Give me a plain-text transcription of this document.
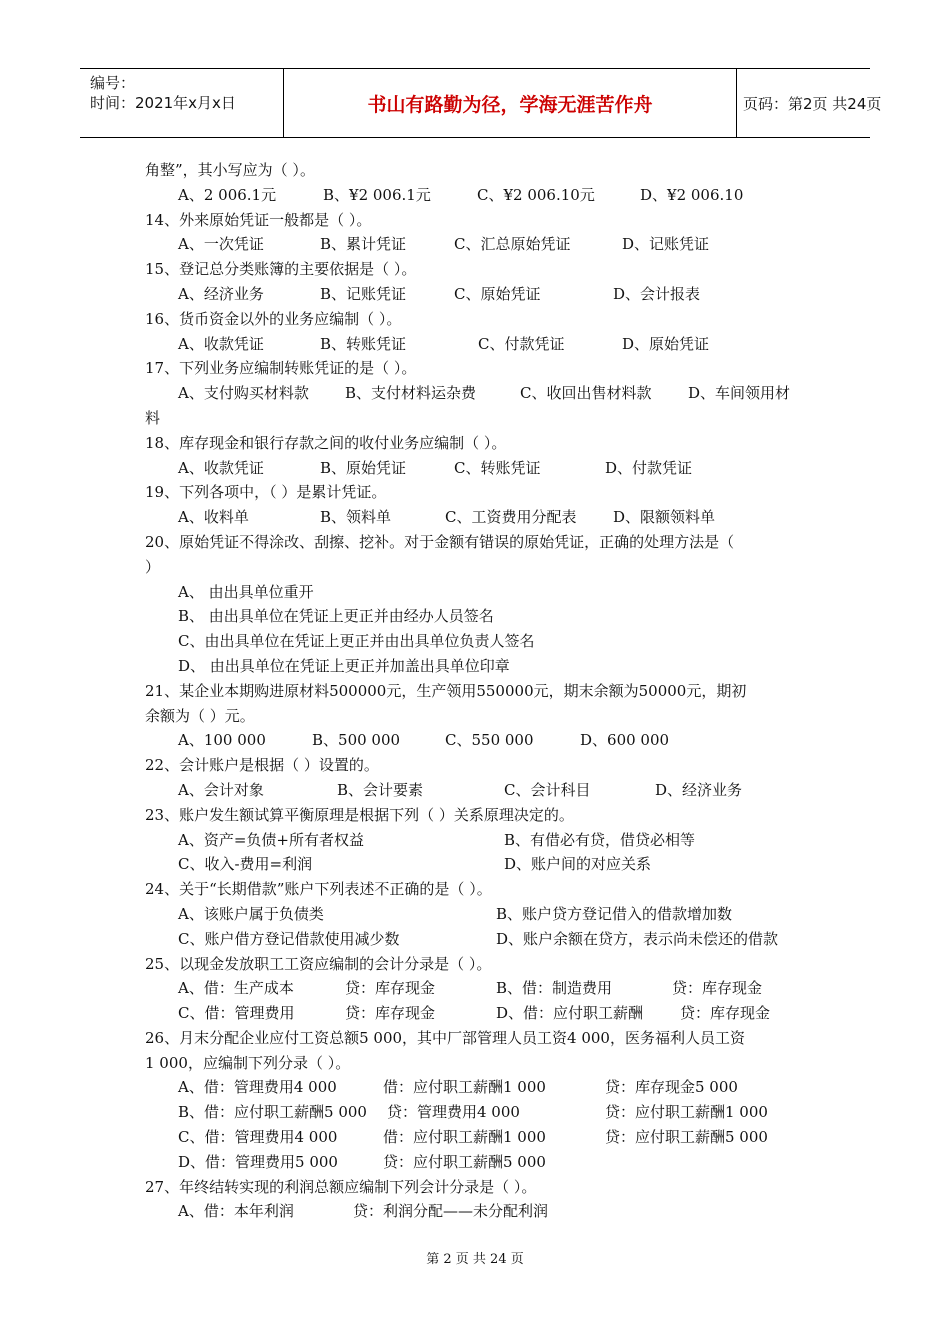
编号：
时间：2021年x月x日	书山有路勤为径，学海无涯苦作舟	页码：第2页 共24页
角整”，其小写应为（ ）。
A、2 006.1元	B、¥2 006.1元	C、¥2 006.10元	D、¥2 006.10
14、外来原始凭证一般都是（ ）。
A、一次凭证	B、累计凭证	C、汇总原始凭证	D、记账凭证
15、登记总分类账簿的主要依据是（ ）。
A、经济业务	B、记账凭证	C、原始凭证	D、会计报表
16、货币资金以外的业务应编制（ ）。
A、收款凭证	B、转账凭证	C、付款凭证	D、原始凭证
17、下列业务应编制转账凭证的是（ ）。
A、支付购买材料款 B、支付材料运杂费	C、收回出售材料款 D、车间领用材
料
18、库存现金和银行存款之间的收付业务应编制（ ）。
A、收款凭证	B、原始凭证	C、转账凭证	D、付款凭证
19、下列各项中，（ ）是累计凭证。
A、收料单	B、领料单	C、工资费用分配表 D、限额领料单
20、原始凭证不得涂改、刮擦、挖补。对于金额有错误的原始凭证，正确的处理方法是（
）
A、 由出具单位重开
B、 由出具单位在凭证上更正并由经办人员签名
C、由出具单位在凭证上更正并由出具单位负责人签名
D、 由出具单位在凭证上更正并加盖出具单位印章
21、某企业本期购进原材料500000元，生产领用550000元，期末余额为50000元，期初
余额为（ ）元。
A、100 000	B、500 000	C、550 000	D、600 000
22、会计账户是根据（ ）设置的。
A、会计对象	B、会计要素	C、会计科目	D、经济业务
23、账户发生额试算平衡原理是根据下列（ ）关系原理决定的。
A、资产=负债+所有者权益	B、有借必有贷，借贷必相等
C、收入-费用=利润	D、账户间的对应关系
24、关于“长期借款”账户下列表述不正确的是（ ）。
A、该账户属于负债类	B、账户贷方登记借入的借款增加数
C、账户借方登记借款使用减少数	D、账户余额在贷方，表示尚未偿还的借款
25、以现金发放职工工资应编制的会计分录是（ ）。
A、借：生产成本	贷：库存现金	B、借：制造费用	贷：库存现金
C、借：管理费用	贷：库存现金	D、借：应付职工薪酬 贷：库存现金
26、月末分配企业应付工资总额5 000，其中厂部管理人员工资4 000，医务福利人员工资
1 000，应编制下列分录（ ）。
A、借：管理费用4 000	借：应付职工薪酬1 000	贷：库存现金5 000
B、借：应付职工薪酬5 000 贷：管理费用4 000	贷：应付职工薪酬1 000
C、借：管理费用4 000	借：应付职工薪酬1 000	贷：应付职工薪酬5 000
D、借：管理费用5 000	贷：应付职工薪酬5 000
27、年终结转实现的利润总额应编制下列会计分录是（ ）。
A、借：本年利润	贷：利润分配——未分配利润
第 2 页 共 24 页
